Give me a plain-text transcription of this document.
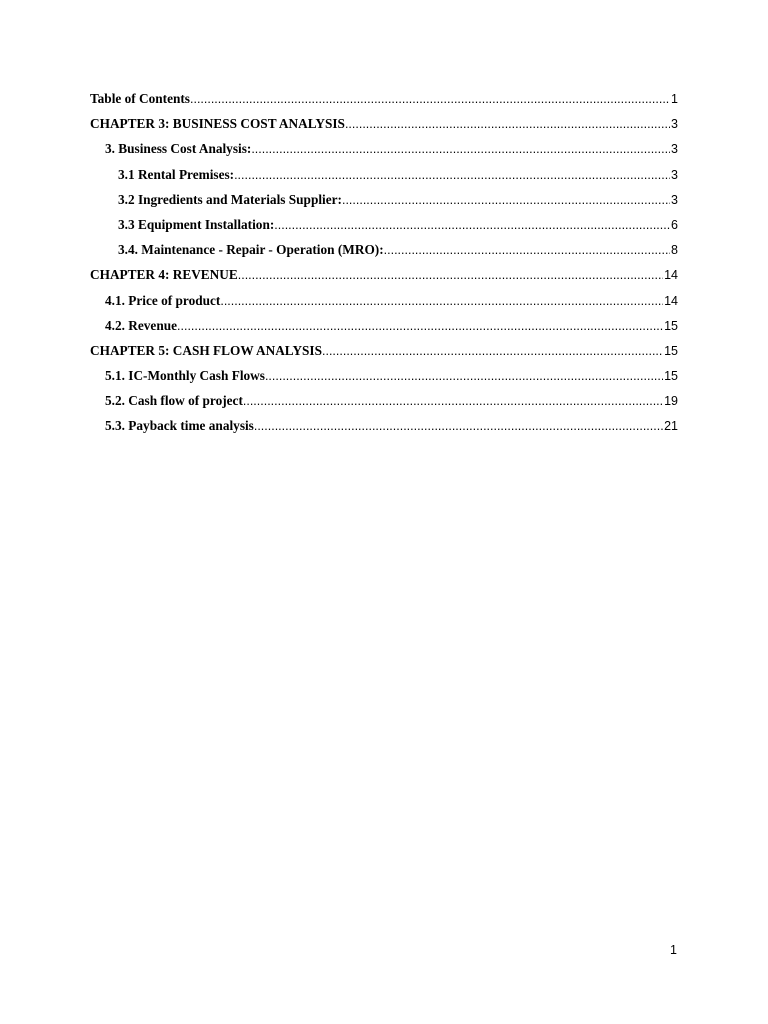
Table of Contents .....	1
CHAPTER 3: BUSINESS COST ANALYSIS .....	3
3. Business Cost Analysis: .....	3
3.1 Rental Premises: .....	3
3.2 Ingredients and Materials Supplier: .....	3
3.3 Equipment Installation: .....	6
3.4. Maintenance - Repair - Operation (MRO): .....	8
CHAPTER 4: REVENUE .....	14
4.1. Price of product .....	14
4.2. Revenue .....	15
CHAPTER 5: CASH FLOW ANALYSIS .....	15
5.1. IC-Monthly Cash Flows .....	15
5.2. Cash flow of project .....	19
5.3. Payback time analysis .....	21
1
